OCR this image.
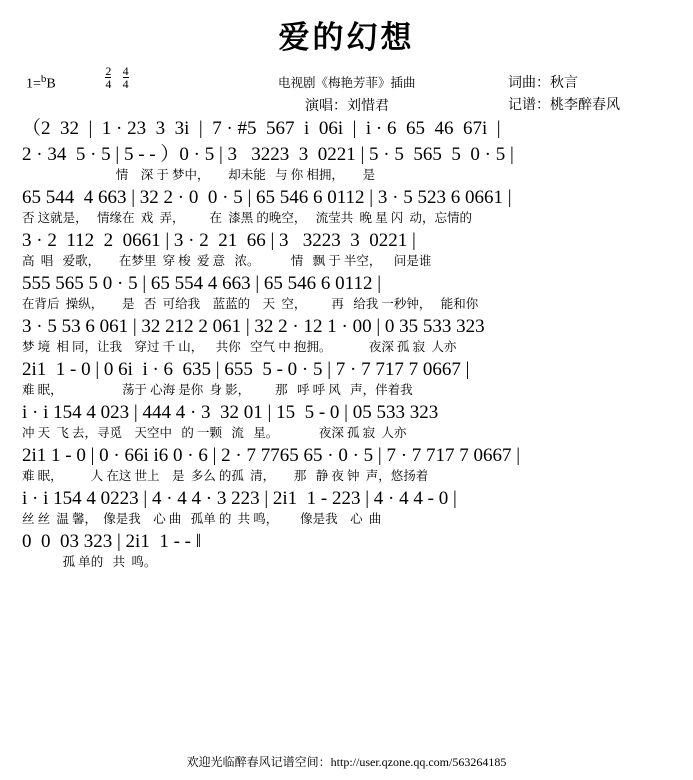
爱的幻想
1=$^b$B	$\frac{2}{4}$
$\frac{4}{4}$	电视剧《梅艳芳菲》插曲
演唱：刘惜君
词曲：秋言
记谱：桃李醉春风
（2  32  |  1 · 23  3  3i  |  7 · #5  567  i  06i  |  i · 6  65  46  67i  |
2 · 34  5 · 5 | 5 - - ）0 · 5 | 3   3223  3  0221 | 5 · 5  565  5  0 · 5 |
情    深 于 梦中，      却未能   与 你 相拥，      是
65 544  4 663 | 32 2 · 0  0 · 5 | 65 546 6 0112 | 3 · 5 523 6 0661 |
否 这就是，   情缘在  戏  弄，        在  漆黑 的晚空，   流莹共  晚 星 闪  动，忘情的
3 · 2  112  2  0661 | 3 · 2  21  66 | 3   3223  3  0221 |
高  唱   爱歌，      在梦里  穿 梭  爱 意   浓。          情   飘 于 半空，    问是谁
555 565 5 0 · 5 | 65 554 4 663 | 65 546 6 0112 |
在背后  操纵，      是   否  可给我    蓝蓝的    天  空，        再   给我 一秒钟，   能和你
3 · 5 53 6 061 | 32 212 2 061 | 32 2 · 12 1 · 00 | 0 35 533 323
梦 境  相 同，让我    穿过 千 山，    共你   空气 中 抱拥。            夜深 孤 寂  人亦
2i1  1 - 0 | 0 6i  i · 6  635 | 655  5 - 0 · 5 | 7 · 7 717 7 0667 |
难 眠，                   荡于 心海 是你  身 影，        那   呼 呼 风   声，伴着我
i · i 154 4 023 | 444 4 · 3  32 01 | 15  5 - 0 | 05 533 323
冲 天  飞 去，寻觅    天空中   的 一颗   流   星。             夜深 孤 寂  人亦
2i1 1 - 0 | 0 · 66i i6 0 · 6 | 2 · 7 7765 65 · 0 · 5 | 7 · 7 717 7 0667 |
难 眠，         人 在这 世上    是  多么 的孤  清，      那   静 夜 钟  声，悠扬着
i · i 154 4 0223 | 4 · 4 4 · 3 223 | 2i1  1 - 223 | 4 · 4 4 - 0 |
丝 丝  温 馨，  像是我    心 曲   孤单 的  共 鸣，       像是我    心  曲
0  0  03 323 | 2i1  1 - - ‖
孤 单的   共  鸣。
欢迎光临醉春风记谱空间：http://user.qzone.qq.com/563264185
